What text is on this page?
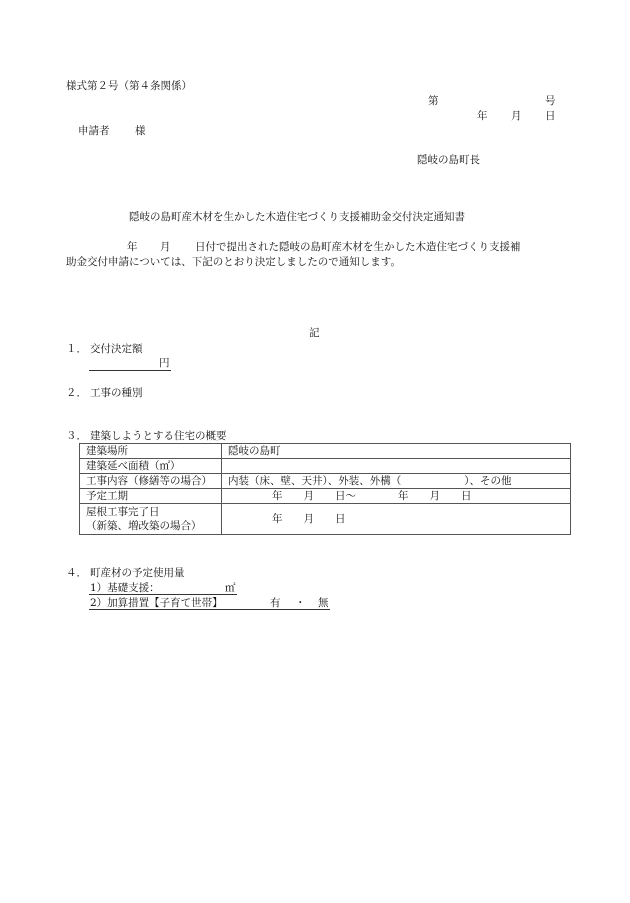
様式第２号（第４条関係）
第	号
年 月 日
申請者 様
隠岐の島町長
隠岐の島町産木材を生かした木造住宅づくり支援補助金交付決定通知書
年 月 日付で提出された隠岐の島町産木材を生かした木造住宅づくり支援補
助金交付申請については、下記のとおり決定しましたので通知します。
記
１． 交付決定額
円
２． 工事の種別
３． 建築しようとする住宅の概要
建築場所	隠岐の島町
建築延べ面積（㎡）	
工事内容（修繕等の場合）	内装（床、壁、天井）、外装、外構（　　　　　　）、その他
予定工期	年　　月　　日～　　　　年　　月　　日

屋根工事完了日
（新築、増改築の場合）	年　　月　　日
４． 町産材の予定使用量
1）基礎支援：	㎡
2）加算措置【子育て世帯】	有 ・ 無
